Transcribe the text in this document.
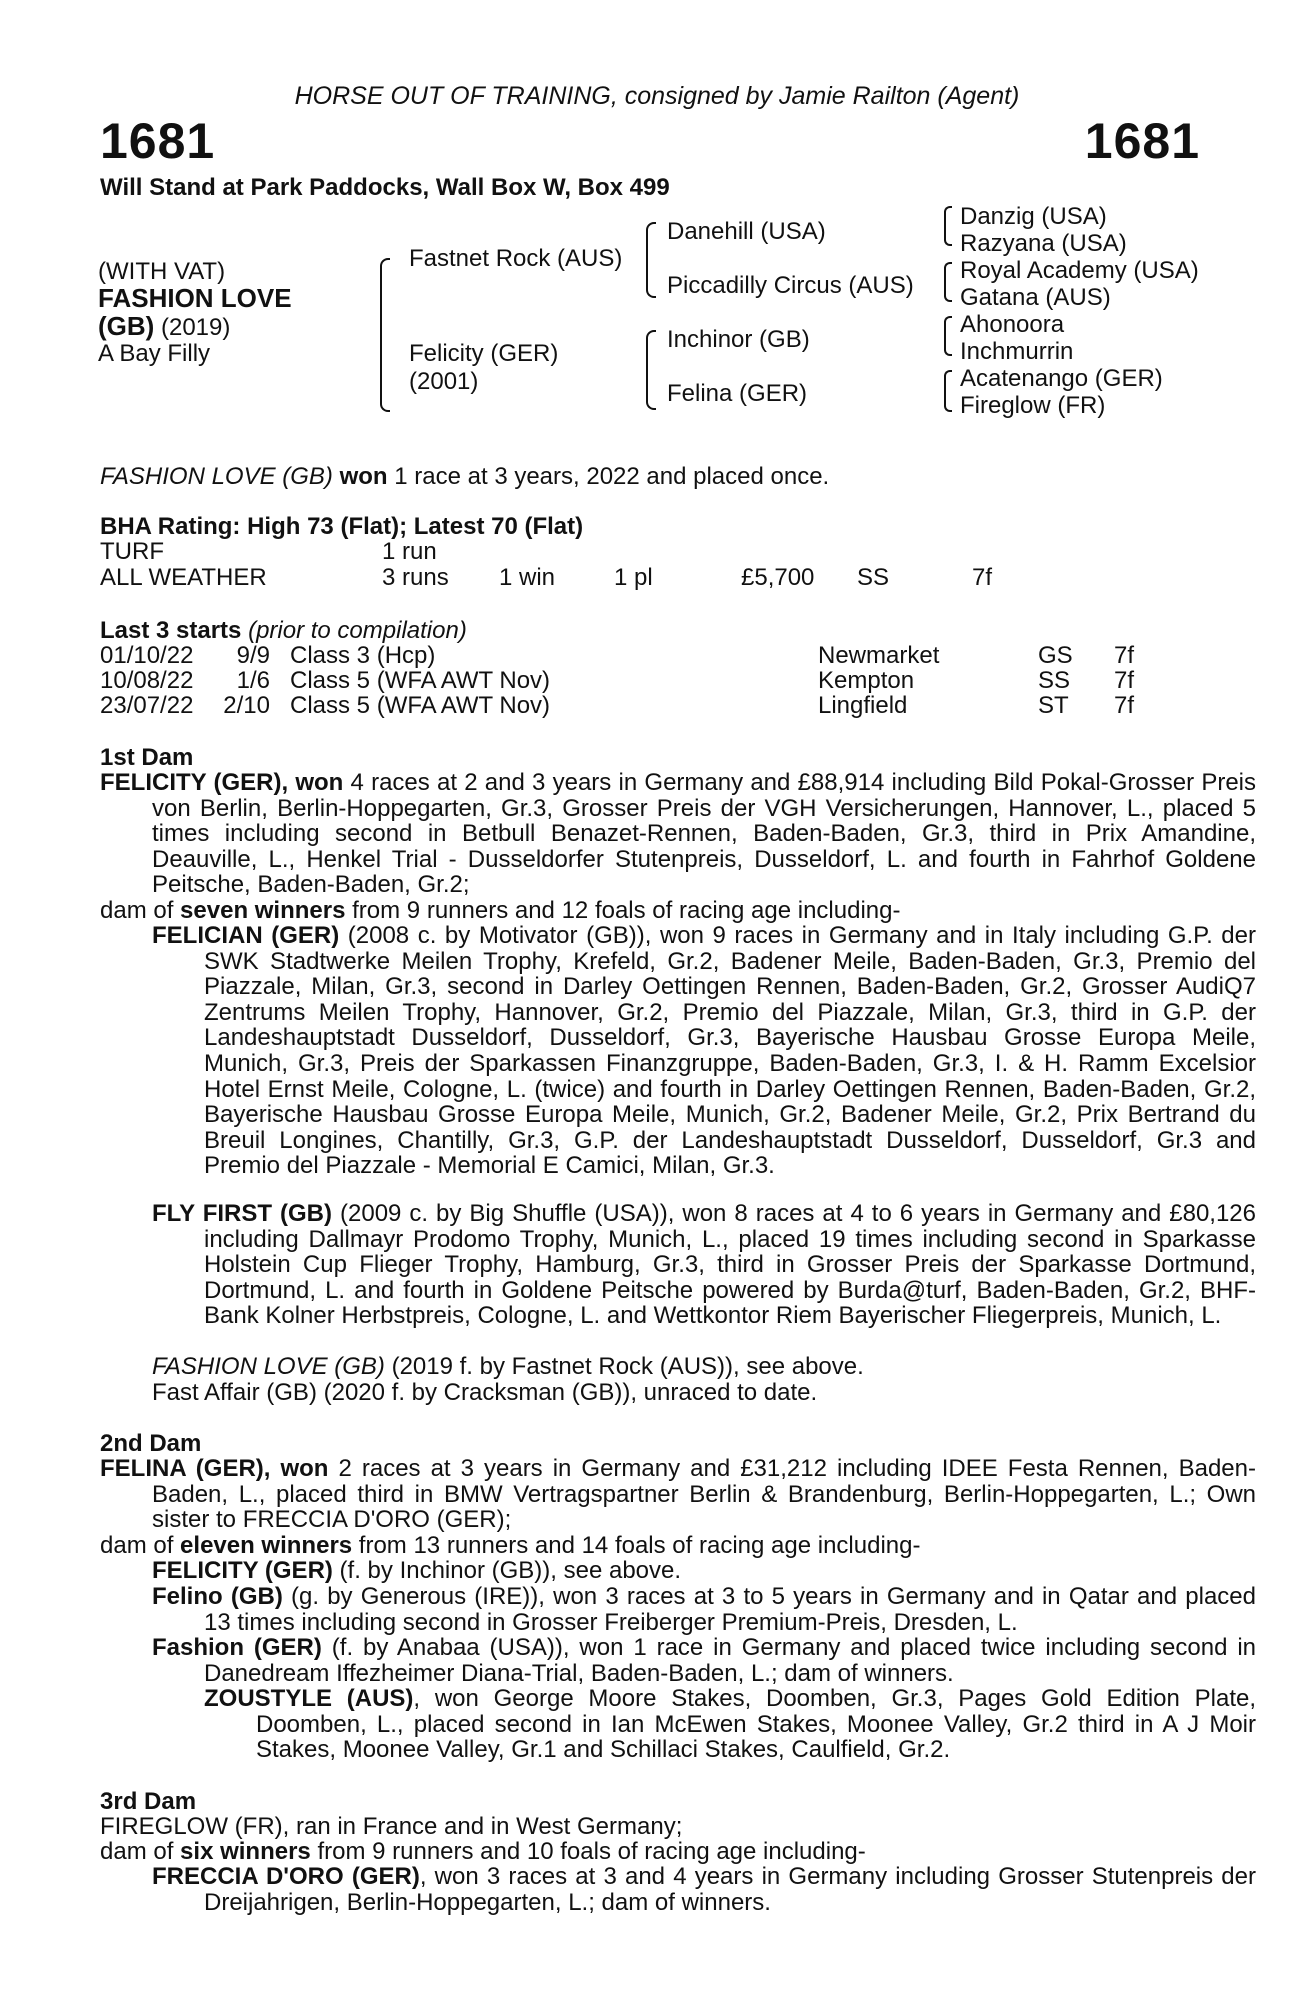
HORSE OUT OF TRAINING, consigned by Jamie Railton (Agent)
1681	1681
Will Stand at Park Paddocks, Wall Box W, Box 499
(WITH VAT)
FASHION LOVE
(GB) (2019)
A Bay Filly
Fastnet Rock (AUS)
Felicity (GER)
(2001)
Danehill (USA)
Piccadilly Circus (AUS)
Inchinor (GB)
Felina (GER)
Danzig (USA)
Razyana (USA)
Royal Academy (USA)
Gatana (AUS)
Ahonoora
Inchmurrin
Acatenango (GER)
Fireglow (FR)
FASHION LOVE (GB) won 1 race at 3 years, 2022 and placed once.
BHA Rating: High 73 (Flat); Latest 70 (Flat)
TURF	1 run
ALL WEATHER	3 runs 1 win 1 pl	£5,700 SS	7f
Last 3 starts (prior to compilation)
01/10/22	9/9 Class 3 (Hcp)	Newmarket	GS 7f
10/08/22	1/6 Class 5 (WFA AWT Nov)	Kempton	SS 7f
23/07/22 2/10 Class 5 (WFA AWT Nov)	Lingfield	ST 7f
1st Dam
FELICITY (GER), won 4 races at 2 and 3 years in Germany and £88,914 including Bild Pokal-Grosser Preis von Berlin, Berlin-Hoppegarten, Gr.3, Grosser Preis der VGH Versicherungen, Hannover, L., placed 5 times including second in Betbull Benazet-Rennen, Baden-Baden, Gr.3, third in Prix Amandine, Deauville, L., Henkel Trial - Dusseldorfer Stutenpreis, Dusseldorf, L. and fourth in Fahrhof Goldene Peitsche, Baden-Baden, Gr.2;
dam of seven winners from 9 runners and 12 foals of racing age including-
FELICIAN (GER) (2008 c. by Motivator (GB)), won 9 races in Germany and in Italy including G.P. der SWK Stadtwerke Meilen Trophy, Krefeld, Gr.2, Badener Meile, Baden-Baden, Gr.3, Premio del Piazzale, Milan, Gr.3, second in Darley Oettingen Rennen, Baden-Baden, Gr.2, Grosser AudiQ7 Zentrums Meilen Trophy, Hannover, Gr.2, Premio del Piazzale, Milan, Gr.3, third in G.P. der Landeshauptstadt Dusseldorf, Dusseldorf, Gr.3, Bayerische Hausbau Grosse Europa Meile, Munich, Gr.3, Preis der Sparkassen Finanzgruppe, Baden-Baden, Gr.3, I. & H. Ramm Excelsior Hotel Ernst Meile, Cologne, L. (twice) and fourth in Darley Oettingen Rennen, Baden-Baden, Gr.2, Bayerische Hausbau Grosse Europa Meile, Munich, Gr.2, Badener Meile, Gr.2, Prix Bertrand du Breuil Longines, Chantilly, Gr.3, G.P. der Landeshauptstadt Dusseldorf, Dusseldorf, Gr.3 and Premio del Piazzale - Memorial E Camici, Milan, Gr.3.
FLY FIRST (GB) (2009 c. by Big Shuffle (USA)), won 8 races at 4 to 6 years in Germany and £80,126 including Dallmayr Prodomo Trophy, Munich, L., placed 19 times including second in Sparkasse Holstein Cup Flieger Trophy, Hamburg, Gr.3, third in Grosser Preis der Sparkasse Dortmund, Dortmund, L. and fourth in Goldene Peitsche powered by Burda@turf, Baden-Baden, Gr.2, BHF-Bank Kolner Herbstpreis, Cologne, L. and Wettkontor Riem Bayerischer Fliegerpreis, Munich, L.
FASHION LOVE (GB) (2019 f. by Fastnet Rock (AUS)), see above.
Fast Affair (GB) (2020 f. by Cracksman (GB)), unraced to date.
2nd Dam
FELINA (GER), won 2 races at 3 years in Germany and £31,212 including IDEE Festa Rennen, Baden-Baden, L., placed third in BMW Vertragspartner Berlin & Brandenburg, Berlin-Hoppegarten, L.; Own sister to FRECCIA D'ORO (GER);
dam of eleven winners from 13 runners and 14 foals of racing age including-
FELICITY (GER) (f. by Inchinor (GB)), see above.
Felino (GB) (g. by Generous (IRE)), won 3 races at 3 to 5 years in Germany and in Qatar and placed 13 times including second in Grosser Freiberger Premium-Preis, Dresden, L.
Fashion (GER) (f. by Anabaa (USA)), won 1 race in Germany and placed twice including second in Danedream Iffezheimer Diana-Trial, Baden-Baden, L.; dam of winners.
ZOUSTYLE (AUS), won George Moore Stakes, Doomben, Gr.3, Pages Gold Edition Plate, Doomben, L., placed second in Ian McEwen Stakes, Moonee Valley, Gr.2 third in A J Moir Stakes, Moonee Valley, Gr.1 and Schillaci Stakes, Caulfield, Gr.2.
3rd Dam
FIREGLOW (FR), ran in France and in West Germany;
dam of six winners from 9 runners and 10 foals of racing age including-
FRECCIA D'ORO (GER), won 3 races at 3 and 4 years in Germany including Grosser Stutenpreis der Dreijahrigen, Berlin-Hoppegarten, L.; dam of winners.
